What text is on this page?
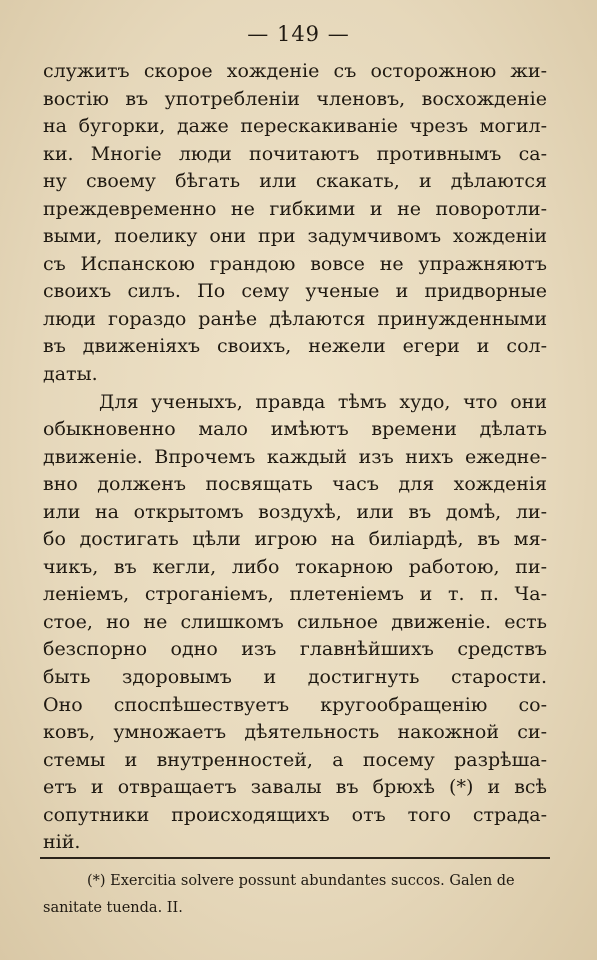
— 149 —
служитъ скорое хожденіе съ осторожною жи-
востію въ употребленіи членовъ, восхожденіе
на бугорки, даже перескакиваніе чрезъ могил-
ки. Многіе люди почитаютъ противнымъ са-
ну своему бѣгать или скакать, и дѣлаются
преждевременно не гибкими и не поворотли-
выми, поелику они при задумчивомъ хожденіи
съ Испанскою грандою вовсе не упражняютъ
своихъ силъ. По сему ученые и придворные
люди гораздо ранѣе дѣлаются принужденными
въ движеніяхъ своихъ, нежели егери и сол-
даты.
Для ученыхъ, правда тѣмъ худо, что они
обыкновенно мало имѣютъ времени дѣлать
движеніе. Впрочемъ каждый изъ нихъ ежедне-
вно долженъ посвящать часъ для хожденія
или на открытомъ воздухѣ, или въ домѣ, ли-
бо достигать цѣли игрою на биліардѣ, въ мя-
чикъ, въ кегли, либо токарною работою, пи-
леніемъ, строганіемъ, плетеніемъ и т. п. Ча-
стое, но не слишкомъ сильное движеніе. есть
безспорно одно изъ главнѣйшихъ средствъ
быть здоровымъ и достигнуть старости.
Оно споспѣшествуетъ кругообращенію со-
ковъ, умножаетъ дѣятельность накожной си-
стемы и внутренностей, а посему разрѣша-
етъ и отвращаетъ завалы въ брюхѣ (*) и всѣ
сопутники происходящихъ отъ того страда-
ній.
(*) Exercitia solvere possunt abundantes succos. Galen de
sanitate tuenda. II.
